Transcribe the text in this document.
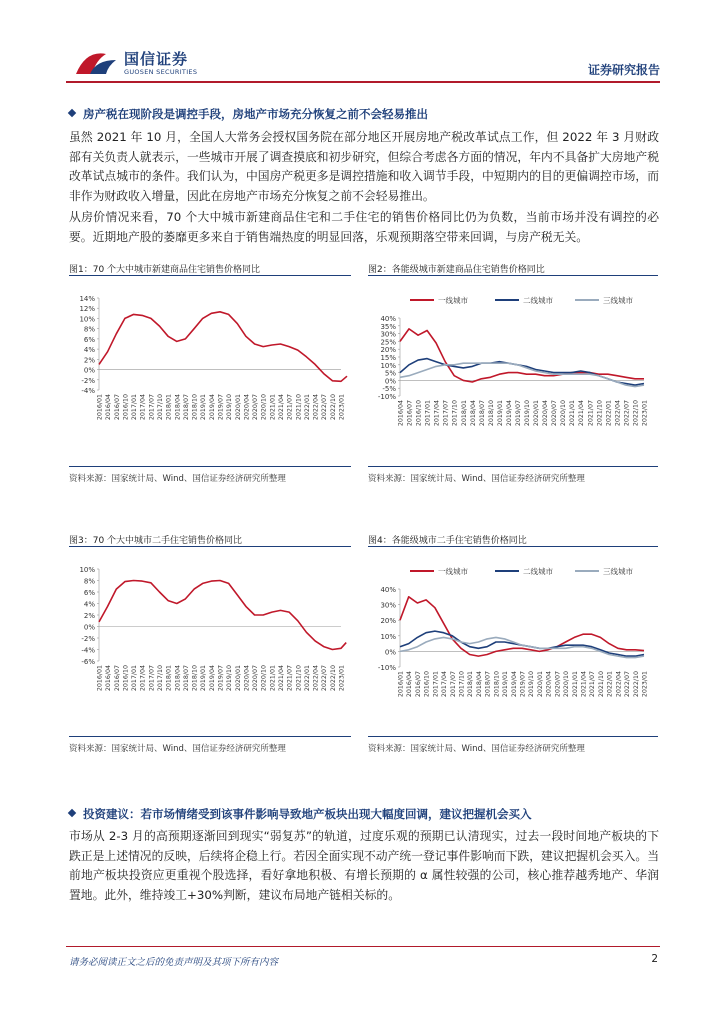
国信证券
GUOSEN SECURITIES	证券研究报告
房产税在现阶段是调控手段，房地产市场充分恢复之前不会轻易推出
虽然 2021 年 10 月，全国人大常务会授权国务院在部分地区开展房地产税改革试点工作，但 2022 年 3 月财政部有关负责人就表示，一些城市开展了调查摸底和初步研究，但综合考虑各方面的情况，年内不具备扩大房地产税改革试点城市的条件。我们认为，中国房产税更多是调控措施和收入调节手段，中短期内的目的更偏调控市场，而非作为财政收入增量，因此在房地产市场充分恢复之前不会轻易推出。
从房价情况来看，70 个大中城市新建商品住宅和二手住宅的销售价格同比仍为负数，当前市场并没有调控的必要。近期地产股的萎靡更多来自于销售端热度的明显回落，乐观预期落空带来回调，与房产税无关。
图1：70 个大中城市新建商品住宅销售价格同比
14%
12%
10%
8%
6%
4%
2%
0%
-2%
-4%
2016/01 2016/04 2016/07 2016/10 2017/01 2017/04 2017/07 2017/10 2018/01 2018/04 2018/07 2018/10 2019/01 2019/04 2019/07 2019/10 2020/01 2020/04 2020/07 2020/10 2021/01 2021/04 2021/07 2021/10 2022/01 2022/04 2022/07 2022/10 2023/01
资料来源：国家统计局、Wind、国信证券经济研究所整理
图2：各能级城市新建商品住宅销售价格同比
40%
35%
30%
25%
20%
15%
10%
5%
0%
-5%
-10%
2016/04 2016/07 2016/10 2017/01 2017/04 2017/07 2017/10 2018/01 2018/04 2018/07 2018/10 2019/01 2019/04 2019/07 2019/10 2020/01 2020/04 2020/07 2020/10 2021/01 2021/04 2021/07 2021/10 2022/01 2022/04 2022/07 2022/10 2023/01
一线城市	二线城市	三线城市
资料来源：国家统计局、Wind、国信证券经济研究所整理
图3：70 个大中城市二手住宅销售价格同比
10%
8%
6%
4%
2%
0%
-2%
-4%
-6%
2016/01 2016/04 2016/07 2016/10 2017/01 2017/04 2017/07 2017/10 2018/01 2018/04 2018/07 2018/10 2019/01 2019/04 2019/07 2019/10 2020/01 2020/04 2020/07 2020/10 2021/01 2021/04 2021/07 2021/10 2022/01 2022/04 2022/07 2022/10 2023/01
资料来源：国家统计局、Wind、国信证券经济研究所整理
图4：各能级城市二手住宅销售价格同比
40%
30%
20%
10%
0%
-10%
2016/01 2016/04 2016/07 2016/10 2017/01 2017/04 2017/07 2017/10 2018/01 2018/04 2018/07 2018/10 2019/01 2019/04 2019/07 2019/10 2020/01 2020/04 2020/07 2020/10 2021/01 2021/04 2021/07 2021/10 2022/01 2022/04 2022/07 2022/10 2023/01
一线城市	二线城市	三线城市
资料来源：国家统计局、Wind、国信证券经济研究所整理
投资建议：若市场情绪受到该事件影响导致地产板块出现大幅度回调，建议把握机会买入
市场从 2-3 月的高预期逐渐回到现实“弱复苏”的轨道，过度乐观的预期已认清现实，过去一段时间地产板块的下跌正是上述情况的反映，后续将企稳上行。若因全面实现不动产统一登记事件影响而下跌，建议把握机会买入。当前地产板块投资应更重视个股选择，看好拿地积极、有增长预期的 α 属性较强的公司，核心推荐越秀地产、华润置地。此外，维持竣工+30%判断，建议布局地产链相关标的。
请务必阅读正文之后的免责声明及其项下所有内容	2
